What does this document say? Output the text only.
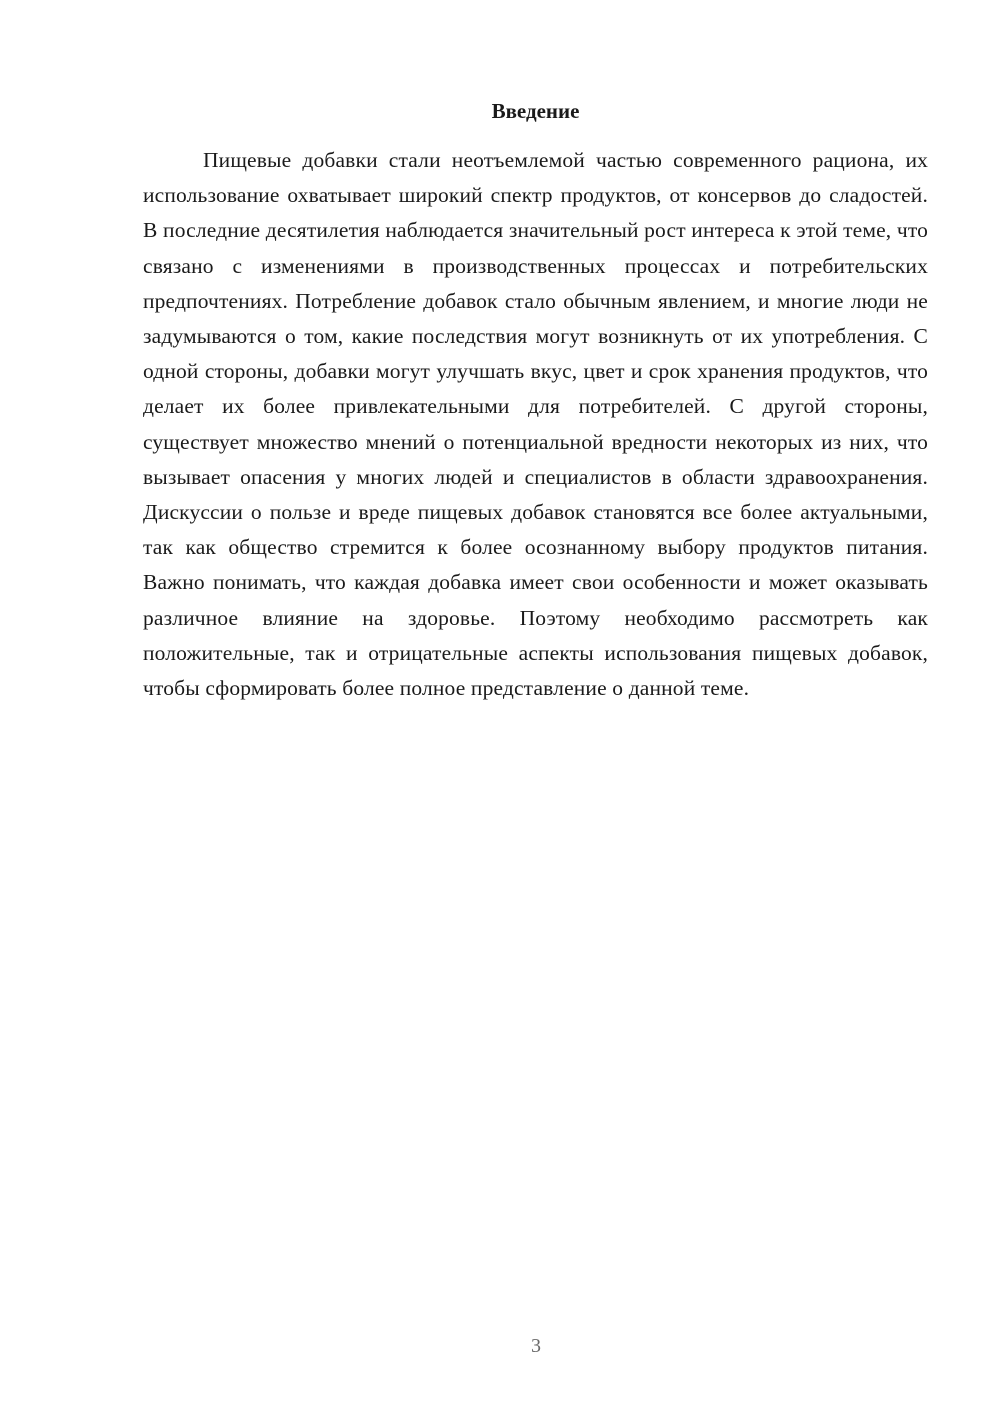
Введение

Пищевые добавки стали неотъемлемой частью современного рациона, их использование охватывает широкий спектр продуктов, от консервов до сладостей. В последние десятилетия наблюдается значительный рост интереса к этой теме, что связано с изменениями в производственных процессах и потребительских предпочтениях. Потребление добавок стало обычным явлением, и многие люди не задумываются о том, какие последствия могут возникнуть от их употребления. С одной стороны, добавки могут улучшать вкус, цвет и срок хранения продуктов, что делает их более привлекательными для потребителей. С другой стороны, существует множество мнений о потенциальной вредности некоторых из них, что вызывает опасения у многих людей и специалистов в области здравоохранения. Дискуссии о пользе и вреде пищевых добавок становятся все более актуальными, так как общество стремится к более осознанному выбору продуктов питания. Важно понимать, что каждая добавка имеет свои особенности и может оказывать различное влияние на здоровье. Поэтому необходимо рассмотреть как положительные, так и отрицательные аспекты использования пищевых добавок, чтобы сформировать более полное представление о данной теме.

3
